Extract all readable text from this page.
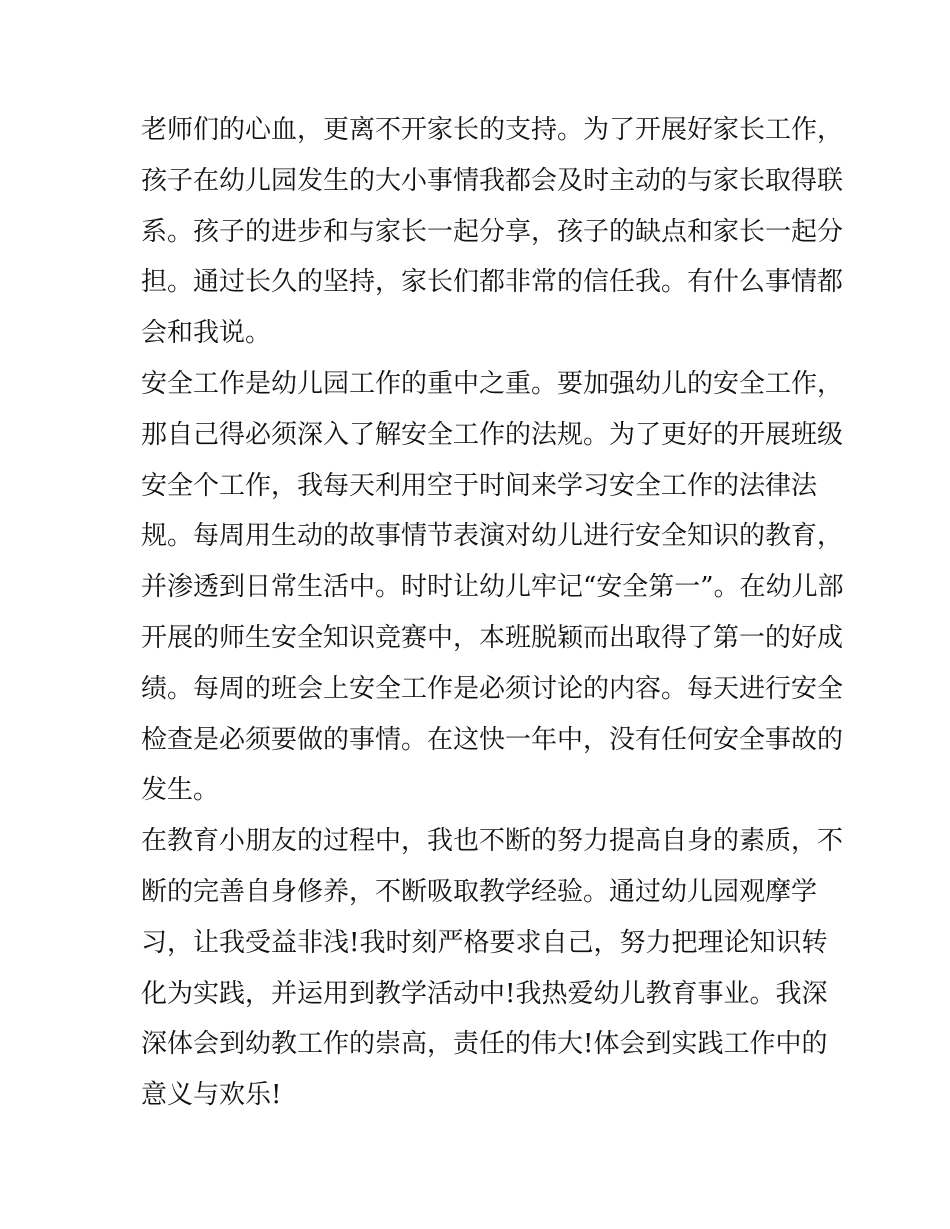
老师们的心血，更离不开家长的支持。为了开展好家长工作，
孩子在幼儿园发生的大小事情我都会及时主动的与家长取得联
系。孩子的进步和与家长一起分享，孩子的缺点和家长一起分
担。通过长久的坚持，家长们都非常的信任我。有什么事情都
会和我说。
安全工作是幼儿园工作的重中之重。要加强幼儿的安全工作，
那自己得必须深入了解安全工作的法规。为了更好的开展班级
安全个工作，我每天利用空于时间来学习安全工作的法律法
规。每周用生动的故事情节表演对幼儿进行安全知识的教育，
并渗透到日常生活中。时时让幼儿牢记“安全第一”。在幼儿部
开展的师生安全知识竞赛中，本班脱颖而出取得了第一的好成
绩。每周的班会上安全工作是必须讨论的内容。每天进行安全
检查是必须要做的事情。在这快一年中，没有任何安全事故的
发生。
在教育小朋友的过程中，我也不断的努力提高自身的素质，不
断的完善自身修养，不断吸取教学经验。通过幼儿园观摩学
习，让我受益非浅!我时刻严格要求自己，努力把理论知识转
化为实践，并运用到教学活动中!我热爱幼儿教育事业。我深
深体会到幼教工作的崇高，责任的伟大!体会到实践工作中的
意义与欢乐!
